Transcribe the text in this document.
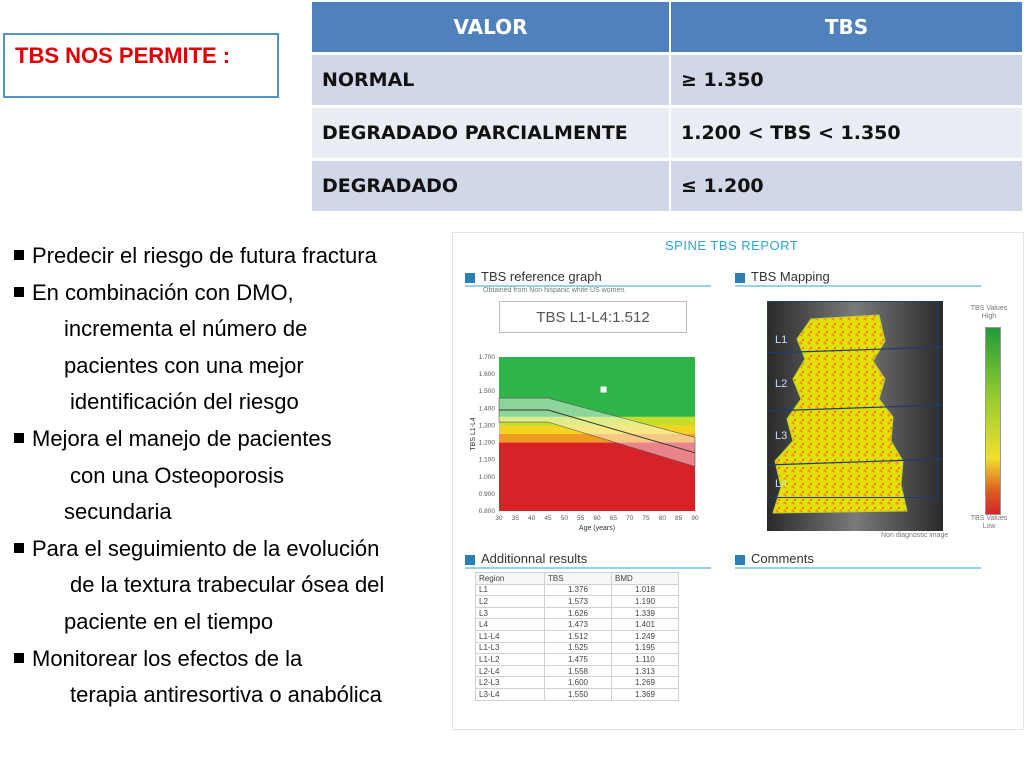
TBS NOS PERMITE :
VALOR	TBS
NORMAL	≥ 1.350
DEGRADADO PARCIALMENTE	1.200 < TBS < 1.350
DEGRADADO	≤ 1.200
Predecir el riesgo de futura fractura
En combinación con DMO,
incrementa el número de
pacientes con una mejor
identificación del riesgo
Mejora el manejo de pacientes
con una Osteoporosis
secundaria
Para el seguimiento de la evolución
de la textura trabecular ósea del
paciente en el tiempo
Monitorear los efectos de la
terapia antiresortiva o anabólica
SPINE TBS REPORT
TBS reference graph
Obtained from Non hispanic white US women.
TBS L1-L4:1.512
1.700
1.600
1.500
1.400
1.300
1.200
1.100
1.000
0.900
0.800
30 35 40 45 50 55 60 65 70 75 80 85 90
Age (years)
TBS L1-L4
TBS Mapping
L1
L2
L3
L4
Non diagnostic image
TBS Values
High
TBS Values
Low
Additionnal results
Region	TBS	BMD
L1	1.376	1.018
L2	1.573	1.190
L3	1.626	1.339
L4	1.473	1.401
L1-L4	1.512	1.249
L1-L3	1.525	1.195
L1-L2	1.475	1.110
L2-L4	1.558	1.313
L2-L3	1.600	1.269
L3-L4	1.550	1.369
Comments
